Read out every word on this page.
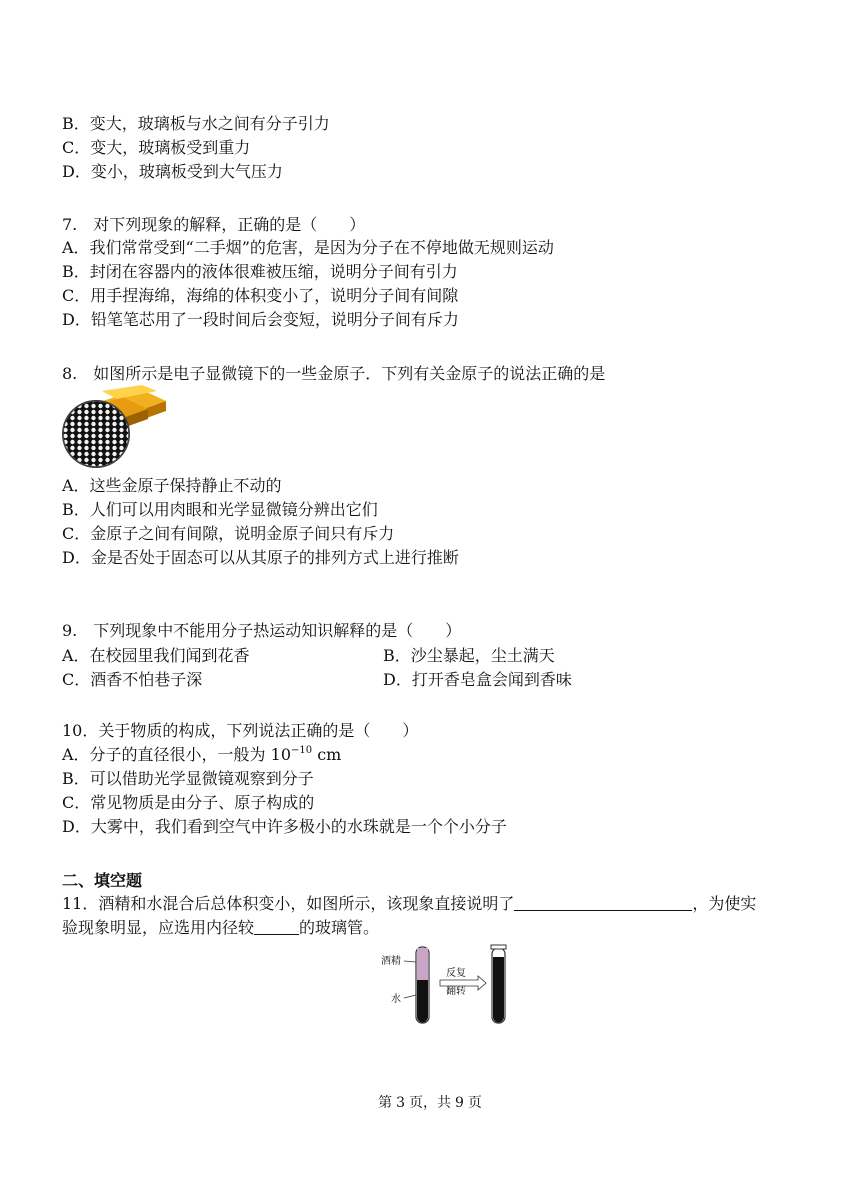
B．变大，玻璃板与水之间有分子引力
C．变大，玻璃板受到重力
D．变小，玻璃板受到大气压力
7.　对下列现象的解释，正确的是（　　）
A．我们常常受到“二手烟”的危害，是因为分子在不停地做无规则运动
B．封闭在容器内的液体很难被压缩，说明分子间有引力
C．用手捏海绵，海绵的体积变小了，说明分子间有间隙
D．铅笔笔芯用了一段时间后会变短，说明分子间有斥力
8.　如图所示是电子显微镜下的一些金原子．下列有关金原子的说法正确的是
A．这些金原子保持静止不动的
B．人们可以用肉眼和光学显微镜分辨出它们
C．金原子之间有间隙，说明金原子间只有斥力
D．金是否处于固态可以从其原子的排列方式上进行推断
9.　下列现象中不能用分子热运动知识解释的是（　　）
A．在校园里我们闻到花香	B．沙尘暴起，尘土满天
C．酒香不怕巷子深	D．打开香皂盒会闻到香味
10．关于物质的构成，下列说法正确的是（　　）
A．分子的直径很小，一般为 $10^{-10}$ cm
B．可以借助光学显微镜观察到分子
C．常见物质是由分子、原子构成的
D．大雾中，我们看到空气中许多极小的水珠就是一个个小分子
二、填空题
11．酒精和水混合后总体积变小，如图所示，该现象直接说明了	，为使实
验现象明显，应选用内径较	的玻璃管。
酒精
水
反复
翻转
第 3 页，共 9 页
